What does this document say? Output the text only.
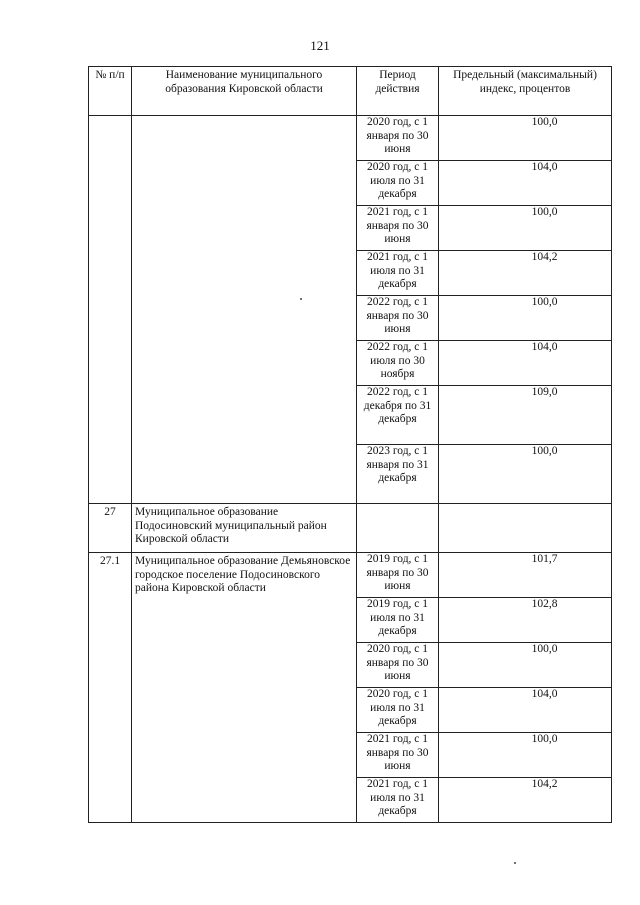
121
№ п/п	Наименование муниципального образования Кировской области	Период действия	Предельный (максимальный) индекс, процентов
		2020 год, с 1 января по 30 июня	100,0
		2020 год, с 1 июля по 31 декабря	104,0
		2021 год, с 1 января по 30 июня	100,0
		2021 год, с 1 июля по 31 декабря	104,2
		2022 год, с 1 января по 30 июня	100,0
		2022 год, с 1 июля по 30 ноября	104,0
		2022 год, с 1 декабря по 31 декабря	109,0
		2023 год, с 1 января по 31 декабря	100,0
27	Муниципальное образование Подосиновский муниципальный район Кировской области		
27.1	Муниципальное образование Демьяновское городское поселение Подосиновского района Кировской области	2019 год, с 1 января по 30 июня	101,7
		2019 год, с 1 июля по 31 декабря	102,8
		2020 год, с 1 января по 30 июня	100,0
		2020 год, с 1 июля по 31 декабря	104,0
		2021 год, с 1 января по 30 июня	100,0
		2021 год, с 1 июля по 31 декабря	104,2
